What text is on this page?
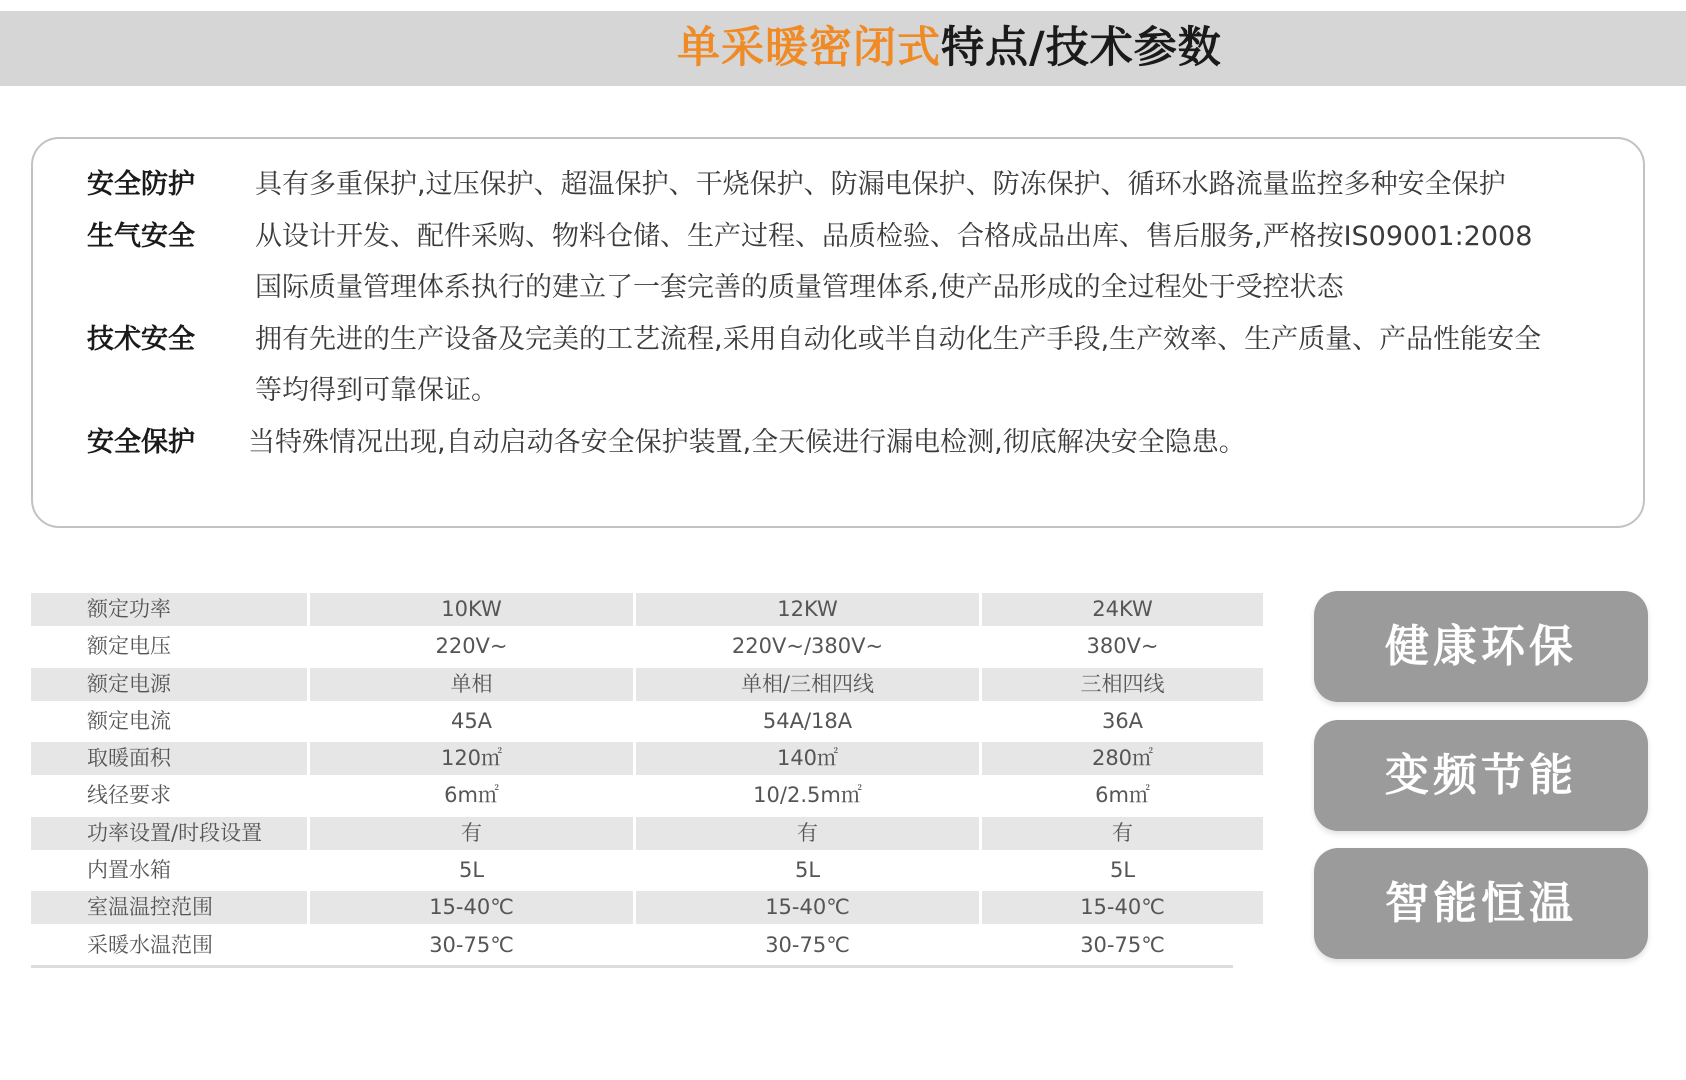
单采暖密闭式特点/技术参数
安全防护 具有多重保护,过压保护、超温保护、干烧保护、防漏电保护、防冻保护、循环水路流量监控多种安全保护
生气安全 从设计开发、配件采购、物料仓储、生产过程、品质检验、合格成品出库、售后服务,严格按IS09001:2008
国际质量管理体系执行的建立了一套完善的质量管理体系,使产品形成的全过程处于受控状态
技术安全 拥有先进的生产设备及完美的工艺流程,采用自动化或半自动化生产手段,生产效率、生产质量、产品性能安全
等均得到可靠保证。
安全保护 当特殊情况出现,自动启动各安全保护装置,全天候进行漏电检测,彻底解决安全隐患。
额定功率	10KW	12KW	24KW
额定电压	220V~	220V~/380V~	380V~
额定电源	单相	单相/三相四线	三相四线
额定电流	45A	54A/18A	36A
取暖面积	120㎡	140㎡	280㎡
线径要求	6m㎡	10/2.5m㎡	6m㎡
功率设置/时段设置	有	有	有
内置水箱	5L	5L	5L
室温温控范围	15-40℃	15-40℃	15-40℃
采暖水温范围	30-75℃	30-75℃	30-75℃
健康环保
变频节能
智能恒温
